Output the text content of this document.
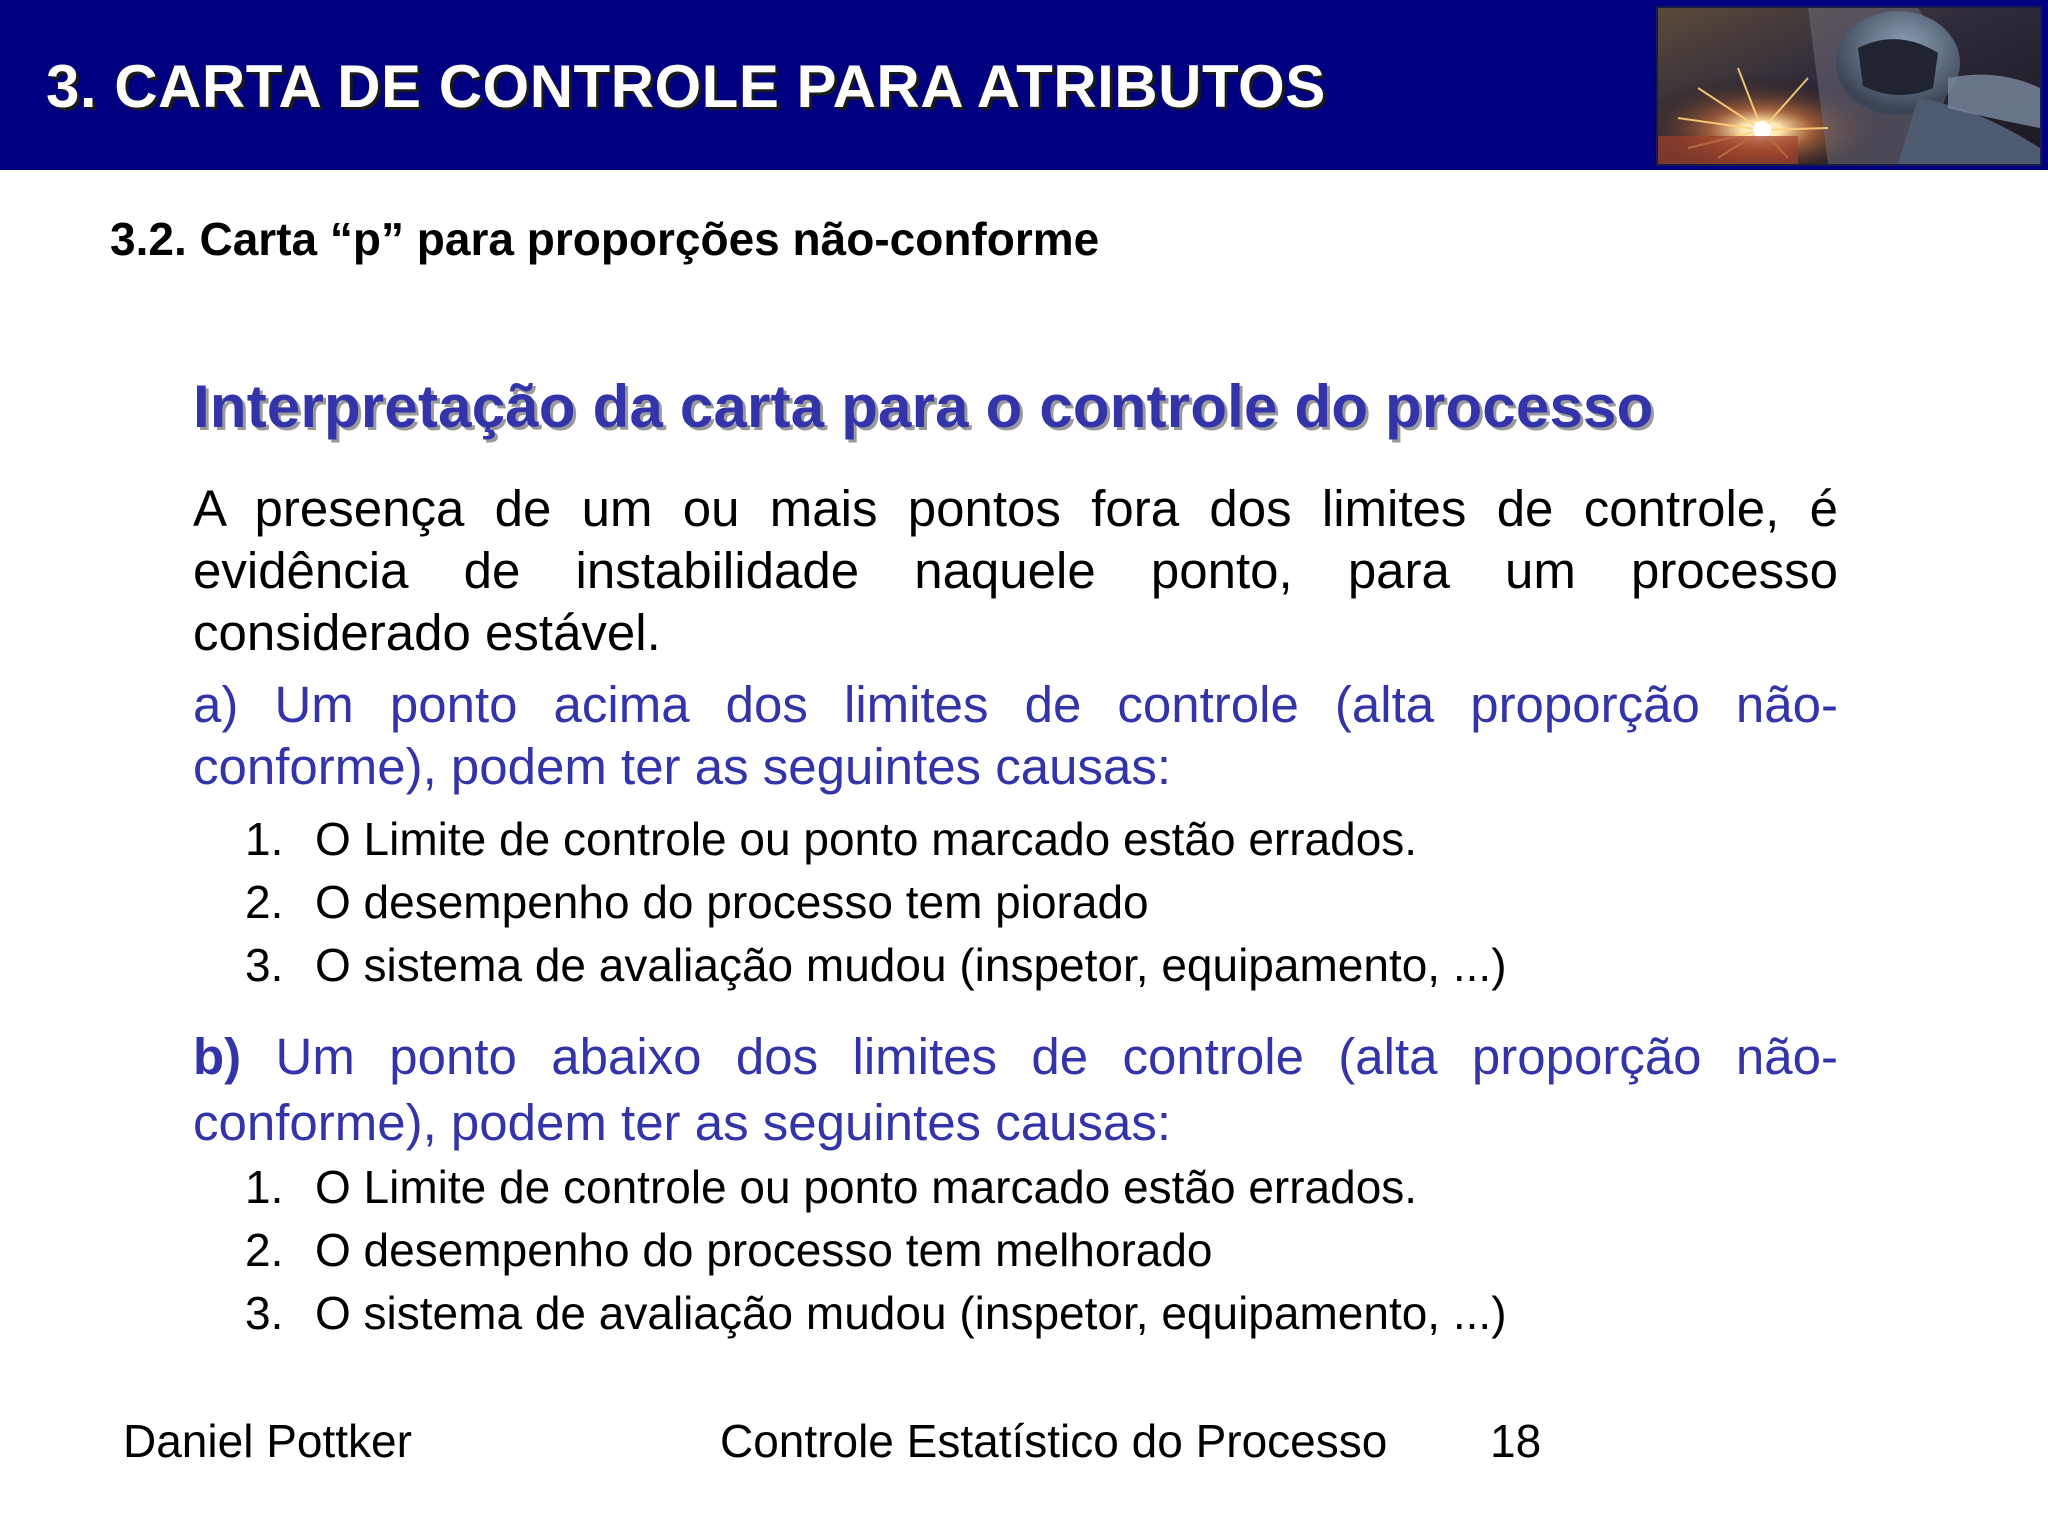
3. CARTA DE CONTROLE PARA ATRIBUTOS
3.2. Carta “p” para proporções não-conforme
Interpretação da carta para o controle do processo

A presença de um ou mais pontos fora dos limites de controle, é evidência de instabilidade naquele ponto, para um processo considerado estável.

a) Um ponto acima dos limites de controle (alta proporção não-conforme), podem ter as seguintes causas:

1. O Limite de controle ou ponto marcado estão errados.
2. O desempenho do processo tem piorado
3. O sistema de avaliação mudou (inspetor, equipamento, ...)

b) Um ponto abaixo dos limites de controle (alta proporção não-conforme), podem ter as seguintes causas:

1. O Limite de controle ou ponto marcado estão errados.
2. O desempenho do processo tem melhorado
3. O sistema de avaliação mudou (inspetor, equipamento, ...)

Daniel Pottker	Controle Estatístico do Processo 18
